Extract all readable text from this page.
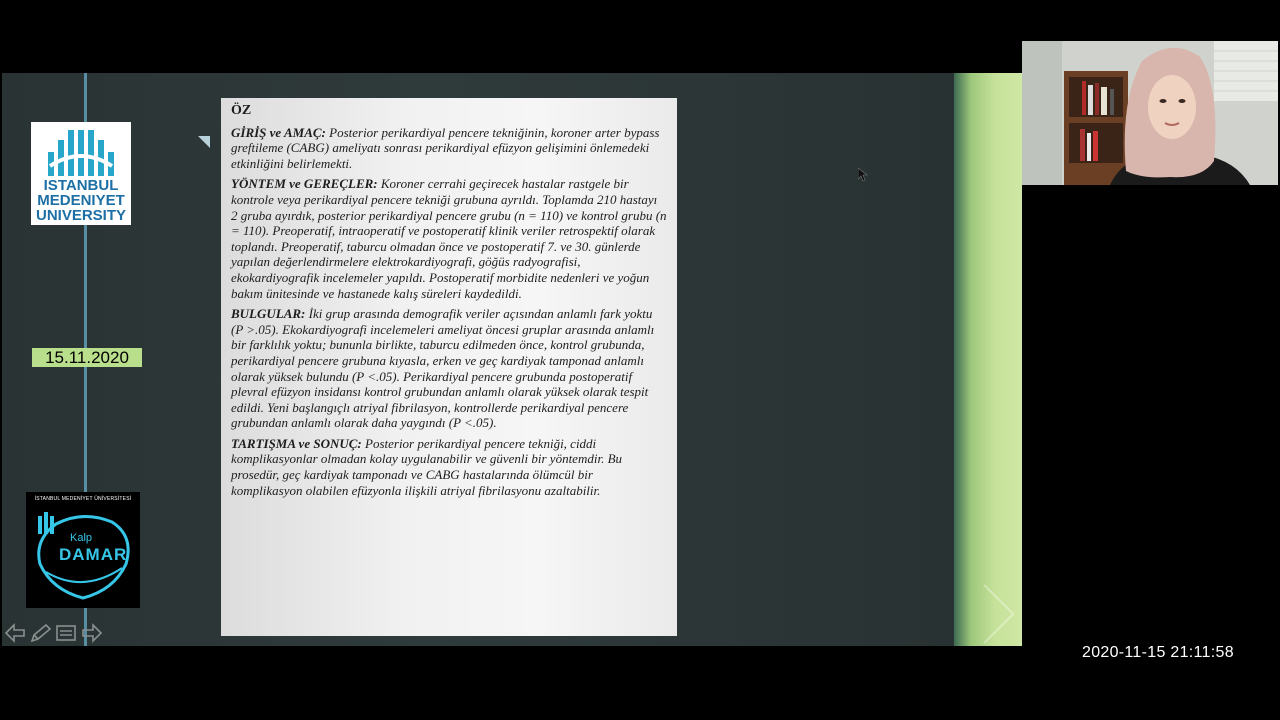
ISTANBUL
MEDENIYET
UNIVERSITY
15.11.2020
ÖZ

GİRİŞ ve AMAÇ: Posterior perikardiyal pencere tekniğinin, koroner arter bypass greftileme (CABG) ameliyatı sonrası perikardiyal efüzyon gelişimini önlemedeki etkinliğini belirlemekti.

YÖNTEM ve GEREÇLER: Koroner cerrahi geçirecek hastalar rastgele bir kontrole veya perikardiyal pencere tekniği grubuna ayrıldı. Toplamda 210 hastayı 2 gruba ayırdık, posterior perikardiyal pencere grubu (n = 110) ve kontrol grubu (n = 110). Preoperatif, intraoperatif ve postoperatif klinik veriler retrospektif olarak toplandı. Preoperatif, taburcu olmadan önce ve postoperatif 7. ve 30. günlerde yapılan değerlendirmelere elektrokardiyografi, göğüs radyografisi, ekokardiyografik incelemeler yapıldı. Postoperatif morbidite nedenleri ve yoğun bakım ünitesinde ve hastanede kalış süreleri kaydedildi.

BULGULAR: İki grup arasında demografik veriler açısından anlamlı fark yoktu (P >.05). Ekokardiyografi incelemeleri ameliyat öncesi gruplar arasında anlamlı bir farklılık yoktu; bununla birlikte, taburcu edilmeden önce, kontrol grubunda, perikardiyal pencere grubuna kıyasla, erken ve geç kardiyak tamponad anlamlı olarak yüksek bulundu (P <.05). Perikardiyal pencere grubunda postoperatif plevral efüzyon insidansı kontrol grubundan anlamlı olarak yüksek olarak tespit edildi. Yeni başlangıçlı atriyal fibrilasyon, kontrollerde perikardiyal pencere grubundan anlamlı olarak daha yaygındı (P <.05).

TARTIŞMA ve SONUÇ: Posterior perikardiyal pencere tekniği, ciddi komplikasyonlar olmadan kolay uygulanabilir ve güvenli bir yöntemdir. Bu prosedür, geç kardiyak tamponadı ve CABG hastalarında ölümcül bir komplikasyon olabilen efüzyonla ilişkili atriyal fibrilasyonu azaltabilir.

İSTANBUL MEDENİYET ÜNİVERSİTESİ
Kalp
DAMAR
2020-11-15 21:11:58
